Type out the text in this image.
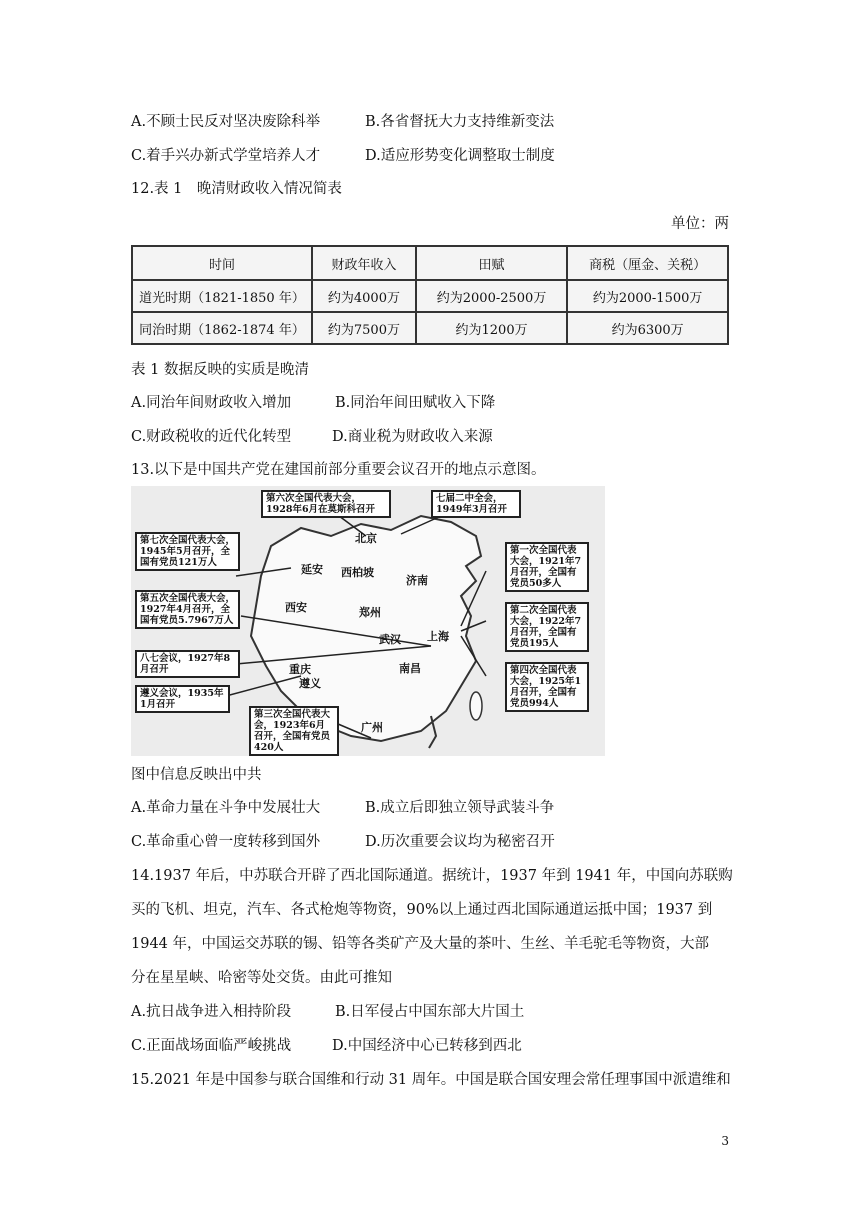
A.不顾士民反对坚决废除科举	B.各省督抚大力支持维新变法
C.着手兴办新式学堂培养人才	D.适应形势变化调整取士制度
12.表 1　晚清财政收入情况简表
单位：两
时间	财政年收入	田赋	商税（厘金、关税）
道光时期（1821-1850 年）	约为4000万	约为2000-2500万	约为2000-1500万
同治时期（1862-1874 年）	约为7500万	约为1200万	约为6300万
表 1 数据反映的实质是晚清
A.同治年间财政收入增加	B.同治年间田赋收入下降
C.财政税收的近代化转型	D.商业税为财政收入来源
13.以下是中国共产党在建国前部分重要会议召开的地点示意图。
第六次全国代表大会，1928年6月在莫斯科召开
七届二中全会，1949年3月召开
第七次全国代表大会，1945年5月召开，全国有党员121万人
第五次全国代表大会，1927年4月召开，全国有党员5.7967万人
八七会议，1927年8月召开
遵义会议，1935年1月召开
第三次全国代表大会，1923年6月召开，全国有党员420人
第一次全国代表大会，1921年7月召开，全国有党员50多人
第二次全国代表大会，1922年7月召开，全国有党员195人
第四次全国代表大会，1925年1月召开，全国有党员994人
北京
延安 西柏坡
济南
西安	郑州
武汉 上海
重庆
遵义
南昌
广州
图中信息反映出中共
A.革命力量在斗争中发展壮大	B.成立后即独立领导武装斗争
C.革命重心曾一度转移到国外	D.历次重要会议均为秘密召开
14.1937 年后，中苏联合开辟了西北国际通道。据统计，1937 年到 1941 年，中国向苏联购
买的飞机、坦克，汽车、各式枪炮等物资，90%以上通过西北国际通道运抵中国；1937 到
1944 年，中国运交苏联的锡、铅等各类矿产及大量的茶叶、生丝、羊毛驼毛等物资，大部
分在星星峡、哈密等处交货。由此可推知
A.抗日战争进入相持阶段	B.日军侵占中国东部大片国土
C.正面战场面临严峻挑战	D.中国经济中心已转移到西北
15.2021 年是中国参与联合国维和行动 31 周年。中国是联合国安理会常任理事国中派遣维和
3
